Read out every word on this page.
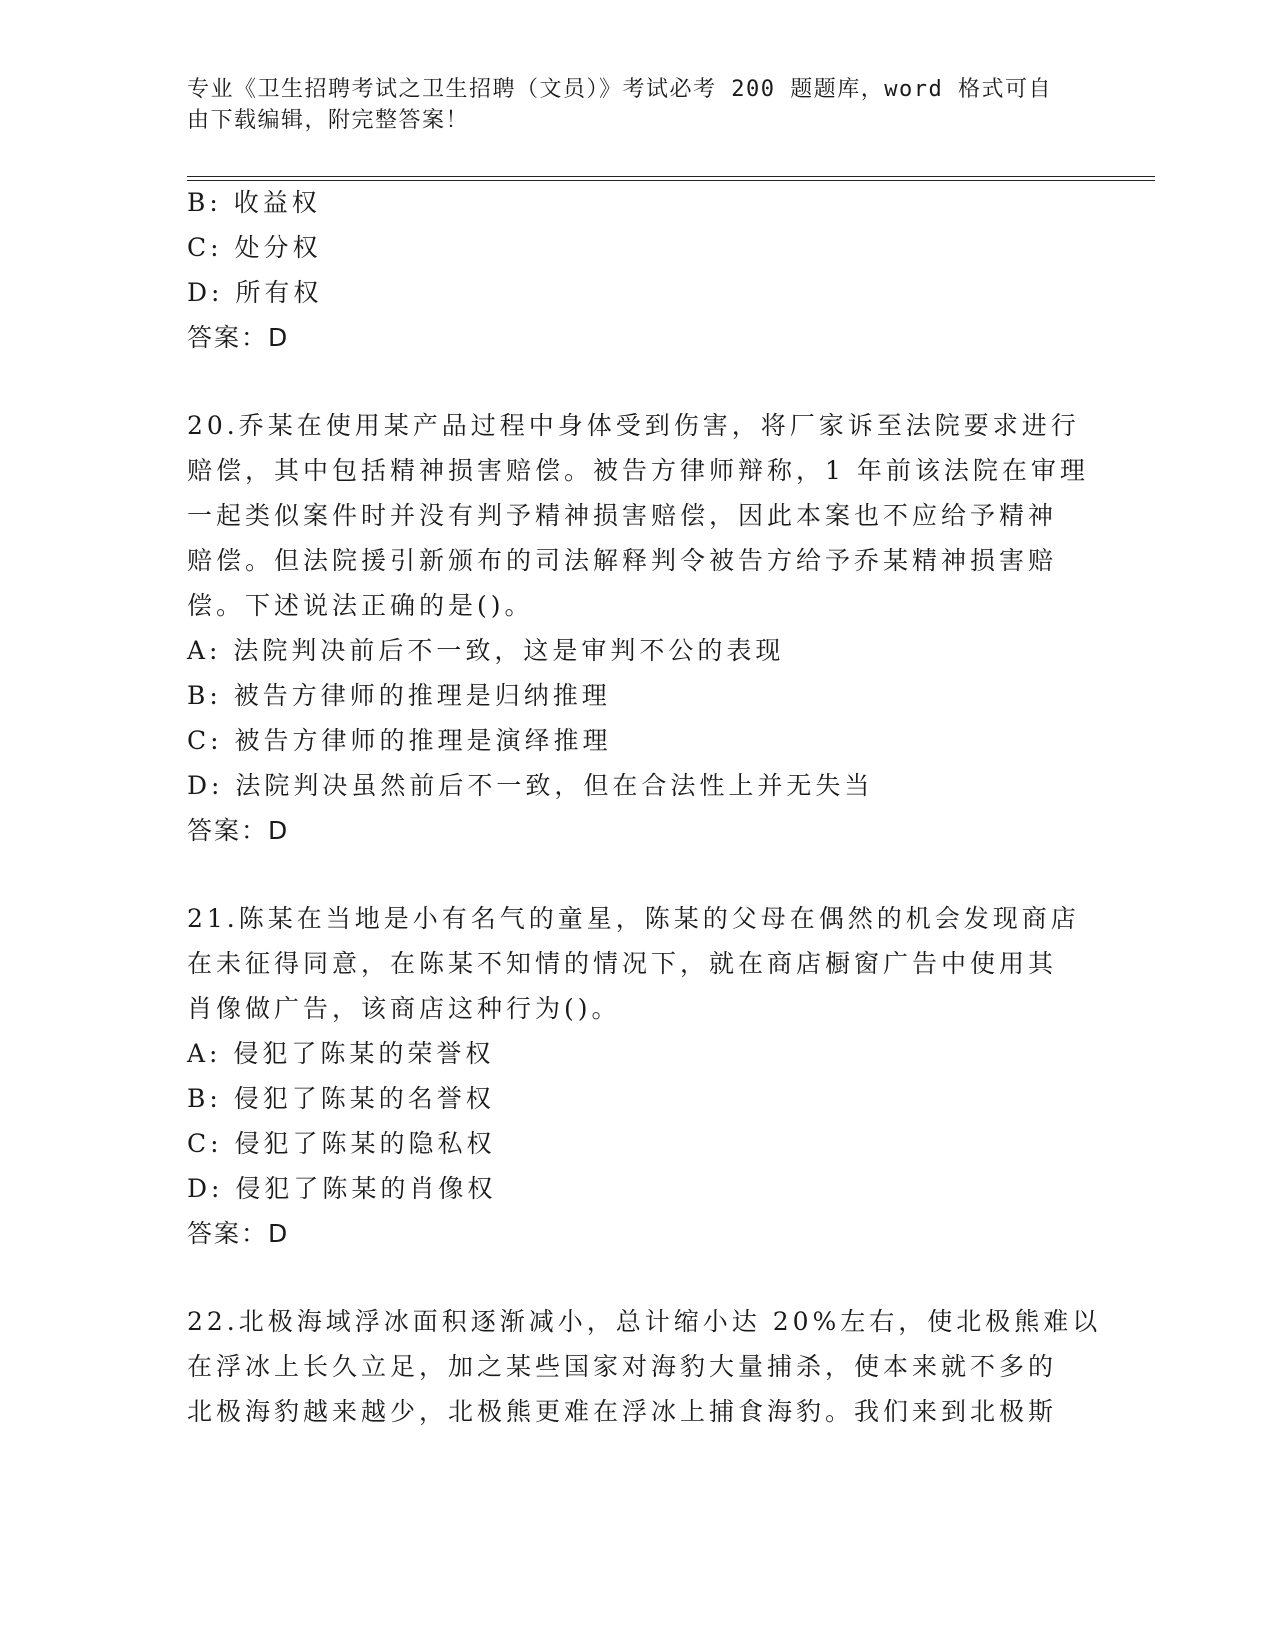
专业《卫生招聘考试之卫生招聘（文员）》考试必考 200 题题库，word 格式可自
由下载编辑，附完整答案！
B: 收益权
C: 处分权
D: 所有权
答案：D
20.乔某在使用某产品过程中身体受到伤害，将厂家诉至法院要求进行
赔偿，其中包括精神损害赔偿。被告方律师辩称，1 年前该法院在审理
一起类似案件时并没有判予精神损害赔偿，因此本案也不应给予精神
赔偿。但法院援引新颁布的司法解释判令被告方给予乔某精神损害赔
偿。下述说法正确的是()。
A: 法院判决前后不一致，这是审判不公的表现
B: 被告方律师的推理是归纳推理
C: 被告方律师的推理是演绎推理
D: 法院判决虽然前后不一致，但在合法性上并无失当
答案：D
21.陈某在当地是小有名气的童星，陈某的父母在偶然的机会发现商店
在未征得同意，在陈某不知情的情况下，就在商店橱窗广告中使用其
肖像做广告，该商店这种行为()。
A: 侵犯了陈某的荣誉权
B: 侵犯了陈某的名誉权
C: 侵犯了陈某的隐私权
D: 侵犯了陈某的肖像权
答案：D
22.北极海域浮冰面积逐渐减小，总计缩小达 20%左右，使北极熊难以
在浮冰上长久立足，加之某些国家对海豹大量捕杀，使本来就不多的
北极海豹越来越少，北极熊更难在浮冰上捕食海豹。我们来到北极斯
